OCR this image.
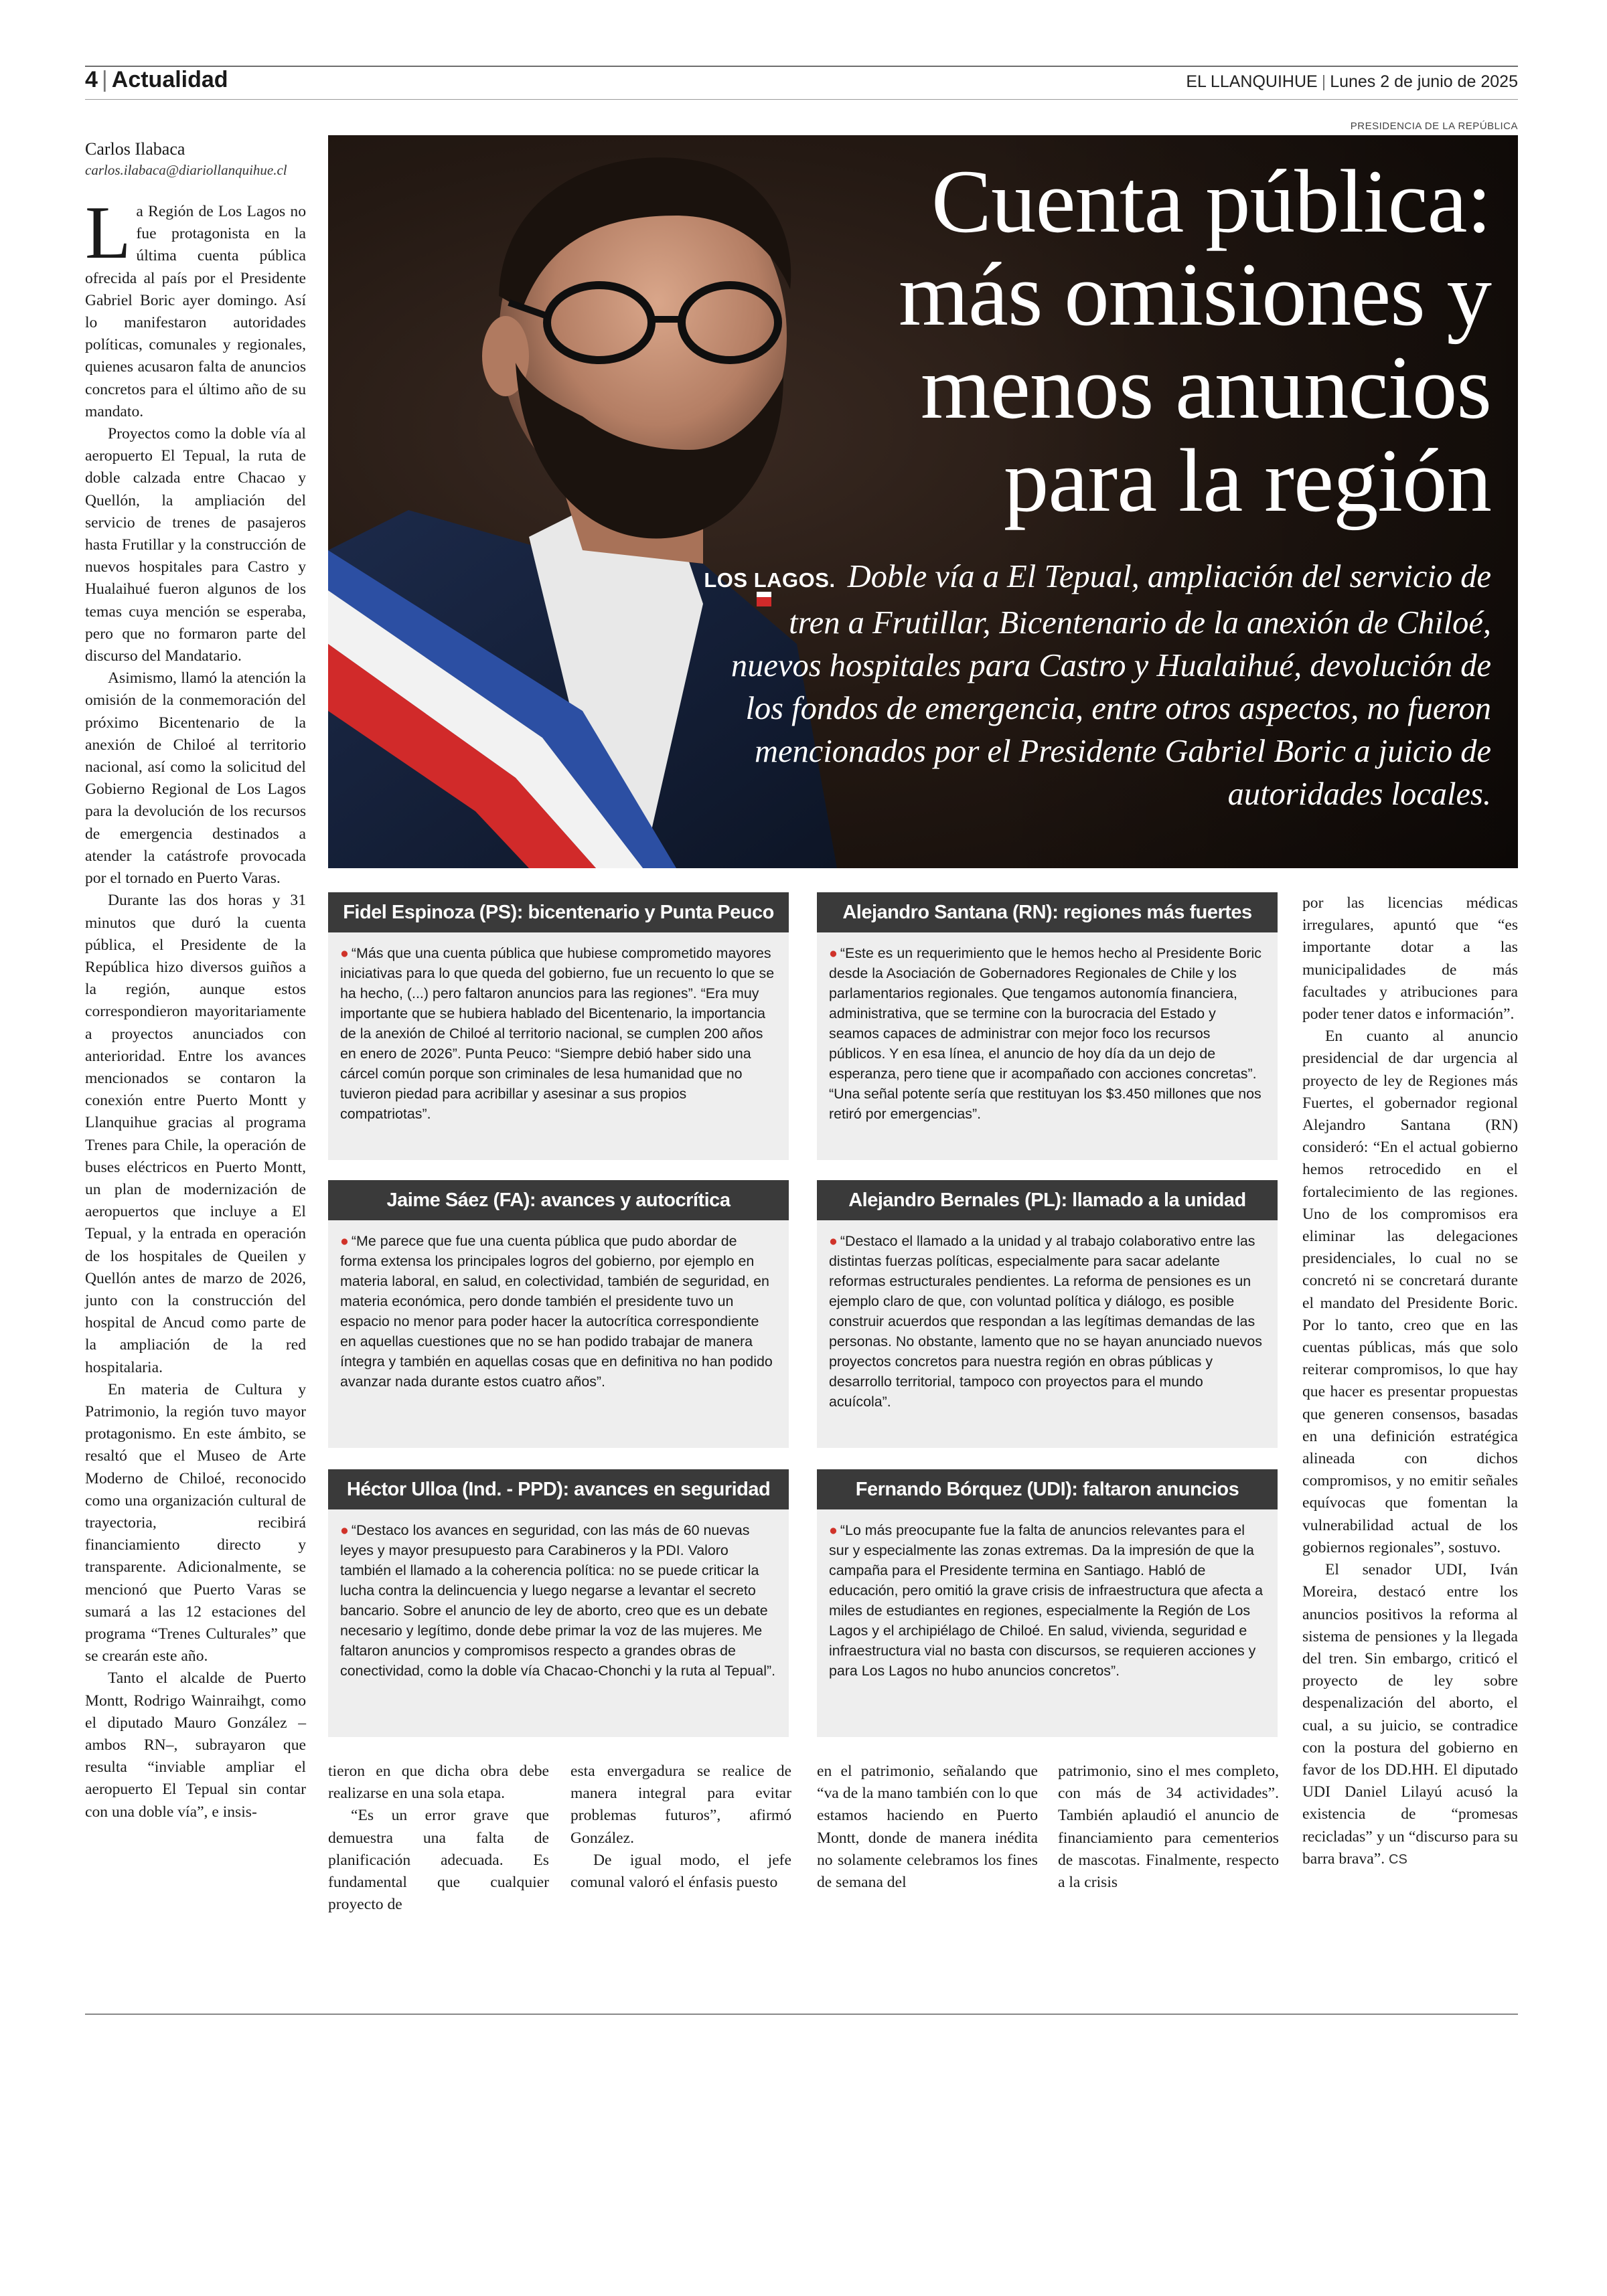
4 | Actualidad	EL LLANQUIHUE | Lunes 2 de junio de 2025
PRESIDENCIA DE LA REPÚBLICA
Carlos Ilabaca
carlos.ilabaca@diariollanquihue.cl	Cuenta pública:
más omisiones y
menos anuncios
para la región
LOS LAGOS. Doble vía a El Tepual, ampliación del servicio de tren a Frutillar, Bicentenario de la anexión de Chiloé, nuevos hospitales para Castro y Hualaihué, devolución de los fondos de emergencia, entre otros aspectos, no fueron mencionados por el Presidente Gabriel Boric a juicio de autoridades locales.

La Región de Los Lagos no fue protagonista en la última cuenta pública ofrecida al país por el Presidente Gabriel Boric ayer domingo. Así lo manifestaron autoridades políticas, comunales y regionales, quienes acusaron falta de anuncios concretos para el último año de su mandato.

Proyectos como la doble vía al aeropuerto El Tepual, la ruta de doble calzada entre Chacao y Quellón, la ampliación del servicio de trenes de pasajeros hasta Frutillar y la construcción de nuevos hospitales para Castro y Hualaihué fueron algunos de los temas cuya mención se esperaba, pero que no formaron parte del discurso del Mandatario.

Asimismo, llamó la atención la omisión de la conmemoración del próximo Bicentenario de la anexión de Chiloé al territorio nacional, así como la solicitud del Gobierno Regional de Los Lagos para la devolución de los recursos de emergencia destinados a atender la catástrofe provocada por el tornado en Puerto Varas.

Durante las dos horas y 31 minutos que duró la cuenta pública, el Presidente de la República hizo diversos guiños a la región, aunque estos correspondieron mayoritariamente a proyectos anunciados con anterioridad. Entre los avances mencionados se contaron la conexión entre Puerto Montt y Llanquihue gracias al programa Trenes para Chile, la operación de buses eléctricos en Puerto Montt, un plan de modernización de aeropuertos que incluye a El Tepual, y la entrada en operación de los hospitales de Queilen y Quellón antes de marzo de 2026, junto con la construcción del hospital de Ancud como parte de la ampliación de la red hospitalaria.

En materia de Cultura y Patrimonio, la región tuvo mayor protagonismo. En este ámbito, se resaltó que el Museo de Arte Moderno de Chiloé, reconocido como una organización cultural de trayectoria, recibirá financiamiento directo y transparente. Adicionalmente, se mencionó que Puerto Varas se sumará a las 12 estaciones del programa “Trenes Culturales” que se crearán este año.

Tanto el alcalde de Puerto Montt, Rodrigo Wainraihgt, como el diputado Mauro González –ambos RN–, subrayaron que resulta “inviable ampliar el aeropuerto El Tepual sin contar con una doble vía”, e insis-

Fidel Espinoza (PS): bicentenario y Punta Peuco
● “Más que una cuenta pública que hubiese comprometido mayores iniciativas para lo que queda del gobierno, fue un recuento lo que se ha hecho, (...) pero faltaron anuncios para las regiones”. “Era muy importante que se hubiera hablado del Bicentenario, la importancia de la anexión de Chiloé al territorio nacional, se cumplen 200 años en enero de 2026”. Punta Peuco: “Siempre debió haber sido una cárcel común porque son criminales de lesa humanidad que no tuvieron piedad para acribillar y asesinar a sus propios compatriotas”.
Alejandro Santana (RN): regiones más fuertes
● “Este es un requerimiento que le hemos hecho al Presidente Boric desde la Asociación de Gobernadores Regionales de Chile y los parlamentarios regionales. Que tengamos autonomía financiera, administrativa, que se termine con la burocracia del Estado y seamos capaces de administrar con mejor foco los recursos públicos. Y en esa línea, el anuncio de hoy día da un dejo de esperanza, pero tiene que ir acompañado con acciones concretas”. “Una señal potente sería que restituyan los $3.450 millones que nos retiró por emergencias”.
Jaime Sáez (FA): avances y autocrítica
● “Me parece que fue una cuenta pública que pudo abordar de forma extensa los principales logros del gobierno, por ejemplo en materia laboral, en salud, en colectividad, también de seguridad, en materia económica, pero donde también el presidente tuvo un espacio no menor para poder hacer la autocrítica correspondiente en aquellas cuestiones que no se han podido trabajar de manera íntegra y también en aquellas cosas que en definitiva no han podido avanzar nada durante estos cuatro años”.
Alejandro Bernales (PL): llamado a la unidad
● “Destaco el llamado a la unidad y al trabajo colaborativo entre las distintas fuerzas políticas, especialmente para sacar adelante reformas estructurales pendientes. La reforma de pensiones es un ejemplo claro de que, con voluntad política y diálogo, es posible construir acuerdos que respondan a las legítimas demandas de las personas. No obstante, lamento que no se hayan anunciado nuevos proyectos concretos para nuestra región en obras públicas y desarrollo territorial, tampoco con proyectos para el mundo acuícola”.
Héctor Ulloa (Ind. - PPD): avances en seguridad
● “Destaco los avances en seguridad, con las más de 60 nuevas leyes y mayor presupuesto para Carabineros y la PDI. Valoro también el llamado a la coherencia política: no se puede criticar la lucha contra la delincuencia y luego negarse a levantar el secreto bancario. Sobre el anuncio de ley de aborto, creo que es un debate necesario y legítimo, donde debe primar la voz de las mujeres. Me faltaron anuncios y compromisos respecto a grandes obras de conectividad, como la doble vía Chacao-Chonchi y la ruta al Tepual”.
Fernando Bórquez (UDI): faltaron anuncios
● “Lo más preocupante fue la falta de anuncios relevantes para el sur y especialmente las zonas extremas. Da la impresión de que la campaña para el Presidente termina en Santiago. Habló de educación, pero omitió la grave crisis de infraestructura que afecta a miles de estudiantes en regiones, especialmente la Región de Los Lagos y el archipiélago de Chiloé. En salud, vivienda, seguridad e infraestructura vial no basta con discursos, se requieren acciones y para Los Lagos no hubo anuncios concretos”.

tieron en que dicha obra debe realizarse en una sola etapa.

“Es un error grave que demuestra una falta de planificación adecuada. Es fundamental que cualquier proyecto de

esta envergadura se realice de manera integral para evitar problemas futuros”, afirmó González.

De igual modo, el jefe comunal valoró el énfasis puesto

en el patrimonio, señalando que “va de la mano también con lo que estamos haciendo en Puerto Montt, donde de manera inédita no solamente celebramos los fines de semana del

patrimonio, sino el mes completo, con más de 34 actividades”. También aplaudió el anuncio de financiamiento para cementerios de mascotas. Finalmente, respecto a la crisis

por las licencias médicas irregulares, apuntó que “es importante dotar a las municipalidades de más facultades y atribuciones para poder tener datos e información”.

En cuanto al anuncio presidencial de dar urgencia al proyecto de ley de Regiones más Fuertes, el gobernador regional Alejandro Santana (RN) consideró: “En el actual gobierno hemos retrocedido en el fortalecimiento de las regiones. Uno de los compromisos era eliminar las delegaciones presidenciales, lo cual no se concretó ni se concretará durante el mandato del Presidente Boric. Por lo tanto, creo que en las cuentas públicas, más que solo reiterar compromisos, lo que hay que hacer es presentar propuestas que generen consensos, basadas en una definición estratégica alineada con dichos compromisos, y no emitir señales equívocas que fomentan la vulnerabilidad actual de los gobiernos regionales”, sostuvo.

El senador UDI, Iván Moreira, destacó entre los anuncios positivos la reforma al sistema de pensiones y la llegada del tren. Sin embargo, criticó el proyecto de ley sobre despenalización del aborto, el cual, a su juicio, se contradice con la postura del gobierno en favor de los DD.HH. El diputado UDI Daniel Lilayú acusó la existencia de “promesas recicladas” y un “discurso para su barra brava”. CS
